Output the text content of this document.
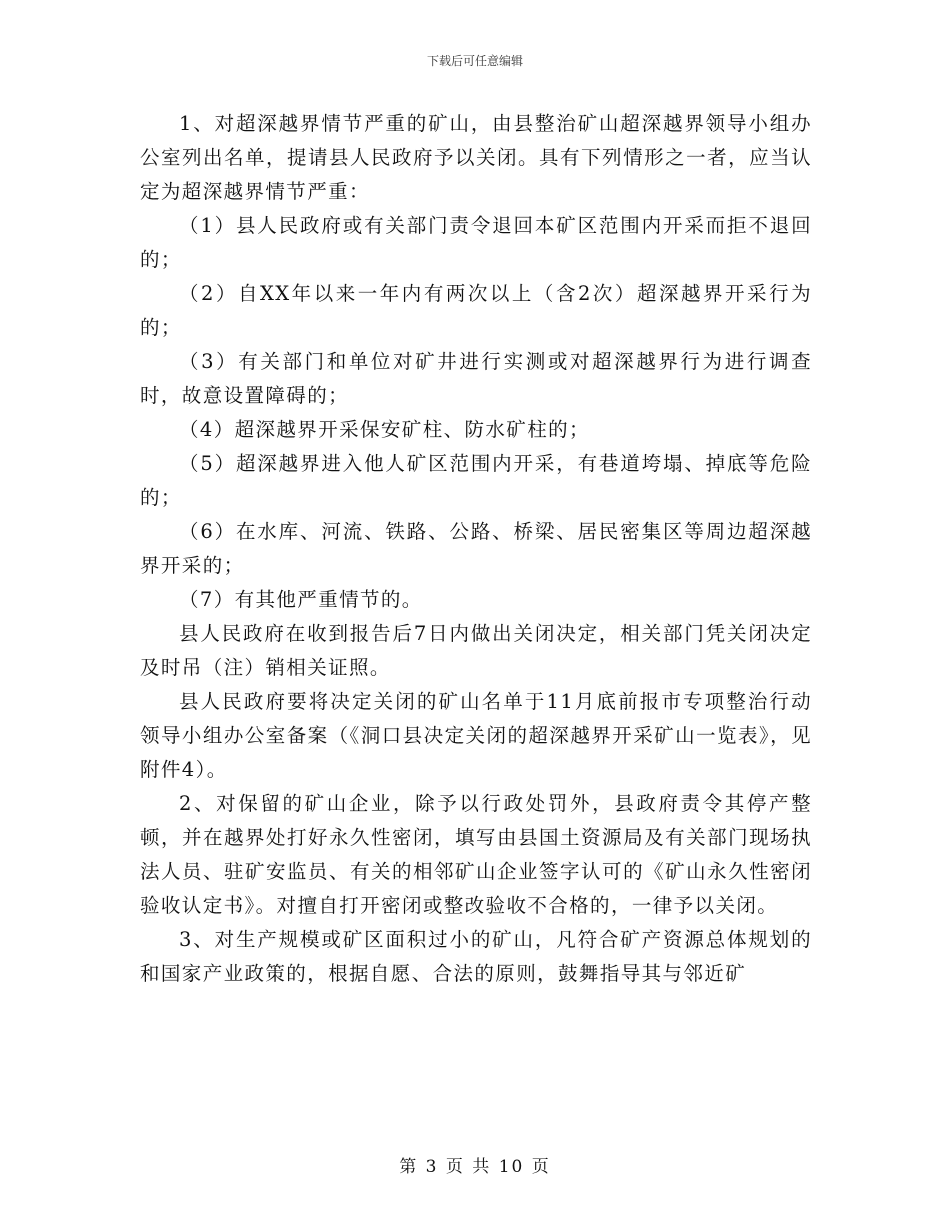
下载后可任意编辑

1、对超深越界情节严重的矿山，由县整治矿山超深越界领导小组办公室列出名单，提请县人民政府予以关闭。具有下列情形之一者，应当认定为超深越界情节严重：

（1）县人民政府或有关部门责令退回本矿区范围内开采而拒不退回的；

（2）自XX年以来一年内有两次以上（含2次）超深越界开采行为的；

（3）有关部门和单位对矿井进行实测或对超深越界行为进行调查时，故意设置障碍的；

（4）超深越界开采保安矿柱、防水矿柱的；

（5）超深越界进入他人矿区范围内开采，有巷道垮塌、掉底等危险的；

（6）在水库、河流、铁路、公路、桥梁、居民密集区等周边超深越界开采的；

（7）有其他严重情节的。

县人民政府在收到报告后7日内做出关闭决定，相关部门凭关闭决定及时吊（注）销相关证照。

县人民政府要将决定关闭的矿山名单于11月底前报市专项整治行动领导小组办公室备案（《洞口县决定关闭的超深越界开采矿山一览表》，见附件4）。

2、对保留的矿山企业，除予以行政处罚外，县政府责令其停产整顿，并在越界处打好永久性密闭，填写由县国土资源局及有关部门现场执法人员、驻矿安监员、有关的相邻矿山企业签字认可的《矿山永久性密闭验收认定书》。对擅自打开密闭或整改验收不合格的，一律予以关闭。

3、对生产规模或矿区面积过小的矿山，凡符合矿产资源总体规划的和国家产业政策的，根据自愿、合法的原则，鼓舞指导其与邻近矿

第 3 页 共 10 页
